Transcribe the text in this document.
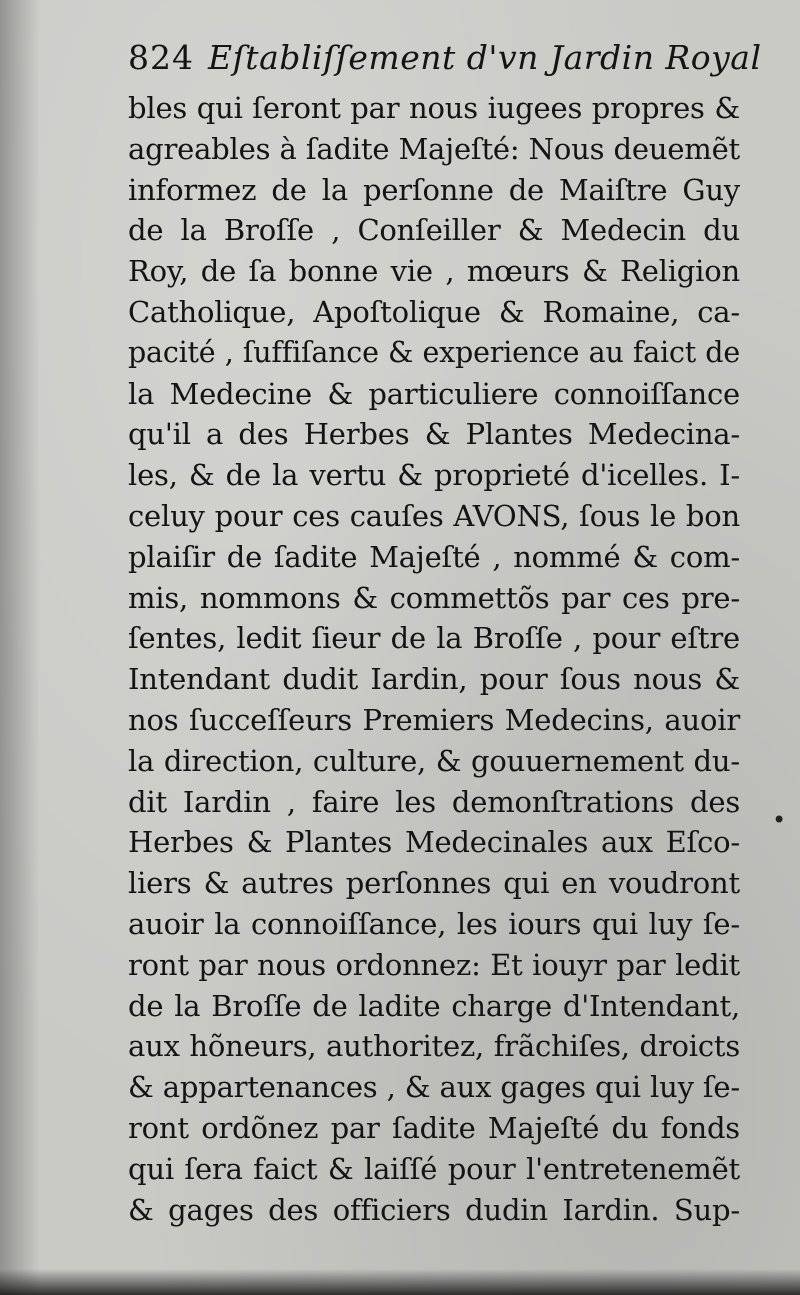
824 Eſtabliſſement d'vn Jardin Royal
bles qui ſeront par nous iugees propres &
agreables à ſadite Majeſté: Nous deuemẽt
informez de la perſonne de Maiſtre Guy
de la Broſſe , Conſeiller & Medecin du
Roy, de ſa bonne vie , mœurs & Religion
Catholique, Apoſtolique & Romaine, ca-
pacité , ſuffiſance & experience au faict de
la Medecine & particuliere connoiſſance
qu'il a des Herbes & Plantes Medecina-
les, & de la vertu & proprieté d'icelles. I-
celuy pour ces cauſes AVONS, ſous le bon
plaiſir de ſadite Majeſté , nommé & com-
mis, nommons & commettõs par ces pre-
ſentes, ledit ſieur de la Broſſe , pour eſtre
Intendant dudit Iardin, pour ſous nous &
nos ſucceſſeurs Premiers Medecins, auoir
la direction, culture, & gouuernement du-
dit Iardin , faire les demonſtrations des
Herbes & Plantes Medecinales aux Eſco-
liers & autres perſonnes qui en voudront
auoir la connoiſſance, les iours qui luy ſe-
ront par nous ordonnez: Et iouyr par ledit
de la Broſſe de ladite charge d'Intendant,
aux hõneurs, authoritez, frãchiſes, droicts
& appartenances , & aux gages qui luy ſe-
ront ordõnez par ſadite Majeſté du fonds
qui ſera faict & laiſſé pour l'entretenemẽt
& gages des officiers dudin Iardin. Sup-
•
